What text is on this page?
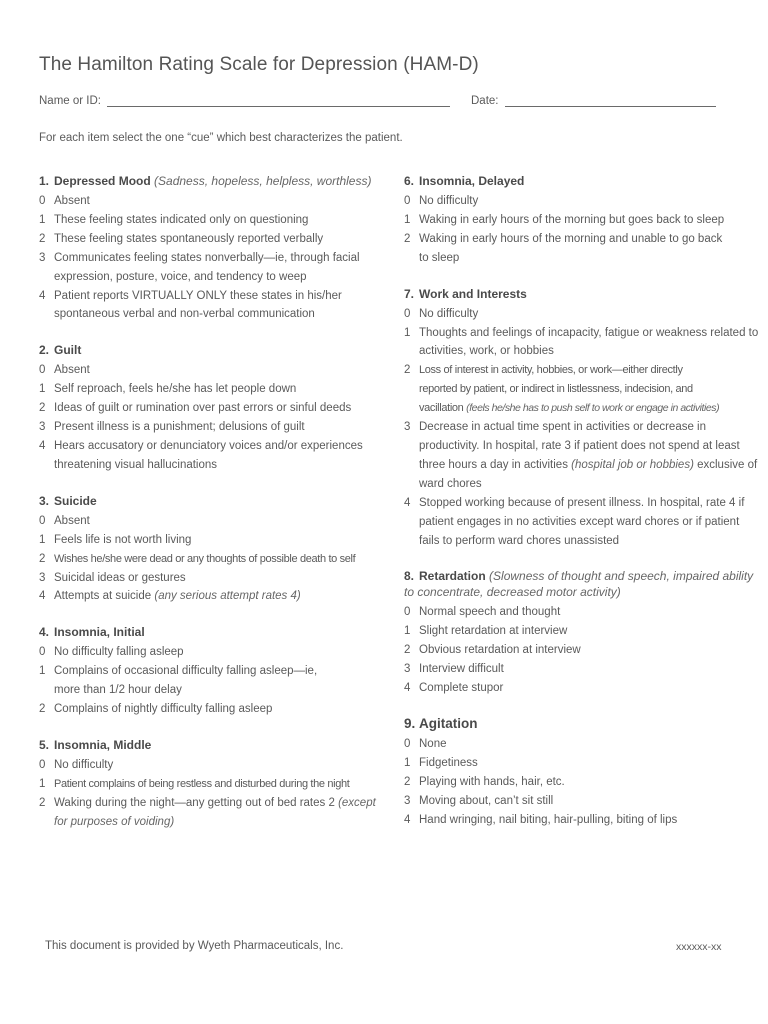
The Hamilton Rating Scale for Depression (HAM-D)
Name or ID:	Date:
For each item select the one “cue” which best characterizes the patient.
1. Depressed Mood (Sadness, hopeless, helpless, worthless)
0 Absent
1 These feeling states indicated only on questioning
2 These feeling states spontaneously reported verbally
3 Communicates feeling states nonverbally—ie, through facial expression, posture, voice, and tendency to weep
4 Patient reports VIRTUALLY ONLY these states in his/her spontaneous verbal and non-verbal communication
2. Guilt
0 Absent
1 Self reproach, feels he/she has let people down
2 Ideas of guilt or rumination over past errors or sinful deeds
3 Present illness is a punishment; delusions of guilt
4 Hears accusatory or denunciatory voices and/or experiences threatening visual hallucinations
3. Suicide
0 Absent
1 Feels life is not worth living
2 Wishes he/she were dead or any thoughts of possible death to self
3 Suicidal ideas or gestures
4 Attempts at suicide (any serious attempt rates 4)
4. Insomnia, Initial
0 No difficulty falling asleep
1 Complains of occasional difficulty falling asleep—ie,
more than 1/2 hour delay
2 Complains of nightly difficulty falling asleep
5. Insomnia, Middle
0 No difficulty
1 Patient complains of being restless and disturbed during the night
2 Waking during the night—any getting out of bed rates 2 (except for purposes of voiding)
6. Insomnia, Delayed
0 No difficulty
1 Waking in early hours of the morning but goes back to sleep
2 Waking in early hours of the morning and unable to go back
to sleep
7. Work and Interests
0 No difficulty
1 Thoughts and feelings of incapacity, fatigue or weakness related to activities, work, or hobbies
2 Loss of interest in activity, hobbies, or work—either directly
reported by patient, or indirect in listlessness, indecision, and
vacillation (feels he/she has to push self to work or engage in activities)
3 Decrease in actual time spent in activities or decrease in productivity. In hospital, rate 3 if patient does not spend at least three hours a day in activities (hospital job or hobbies) exclusive of ward chores
4 Stopped working because of present illness. In hospital, rate 4 if patient engages in no activities except ward chores or if patient fails to perform ward chores unassisted
8. Retardation (Slowness of thought and speech, impaired ability to concentrate, decreased motor activity)
0 Normal speech and thought
1 Slight retardation at interview
2 Obvious retardation at interview
3 Interview difficult
4 Complete stupor
9. Agitation
0 None
1 Fidgetiness
2 Playing with hands, hair, etc.
3 Moving about, can’t sit still
4 Hand wringing, nail biting, hair-pulling, biting of lips
This document is provided by Wyeth Pharmaceuticals, Inc.	xxxxxx-xx
